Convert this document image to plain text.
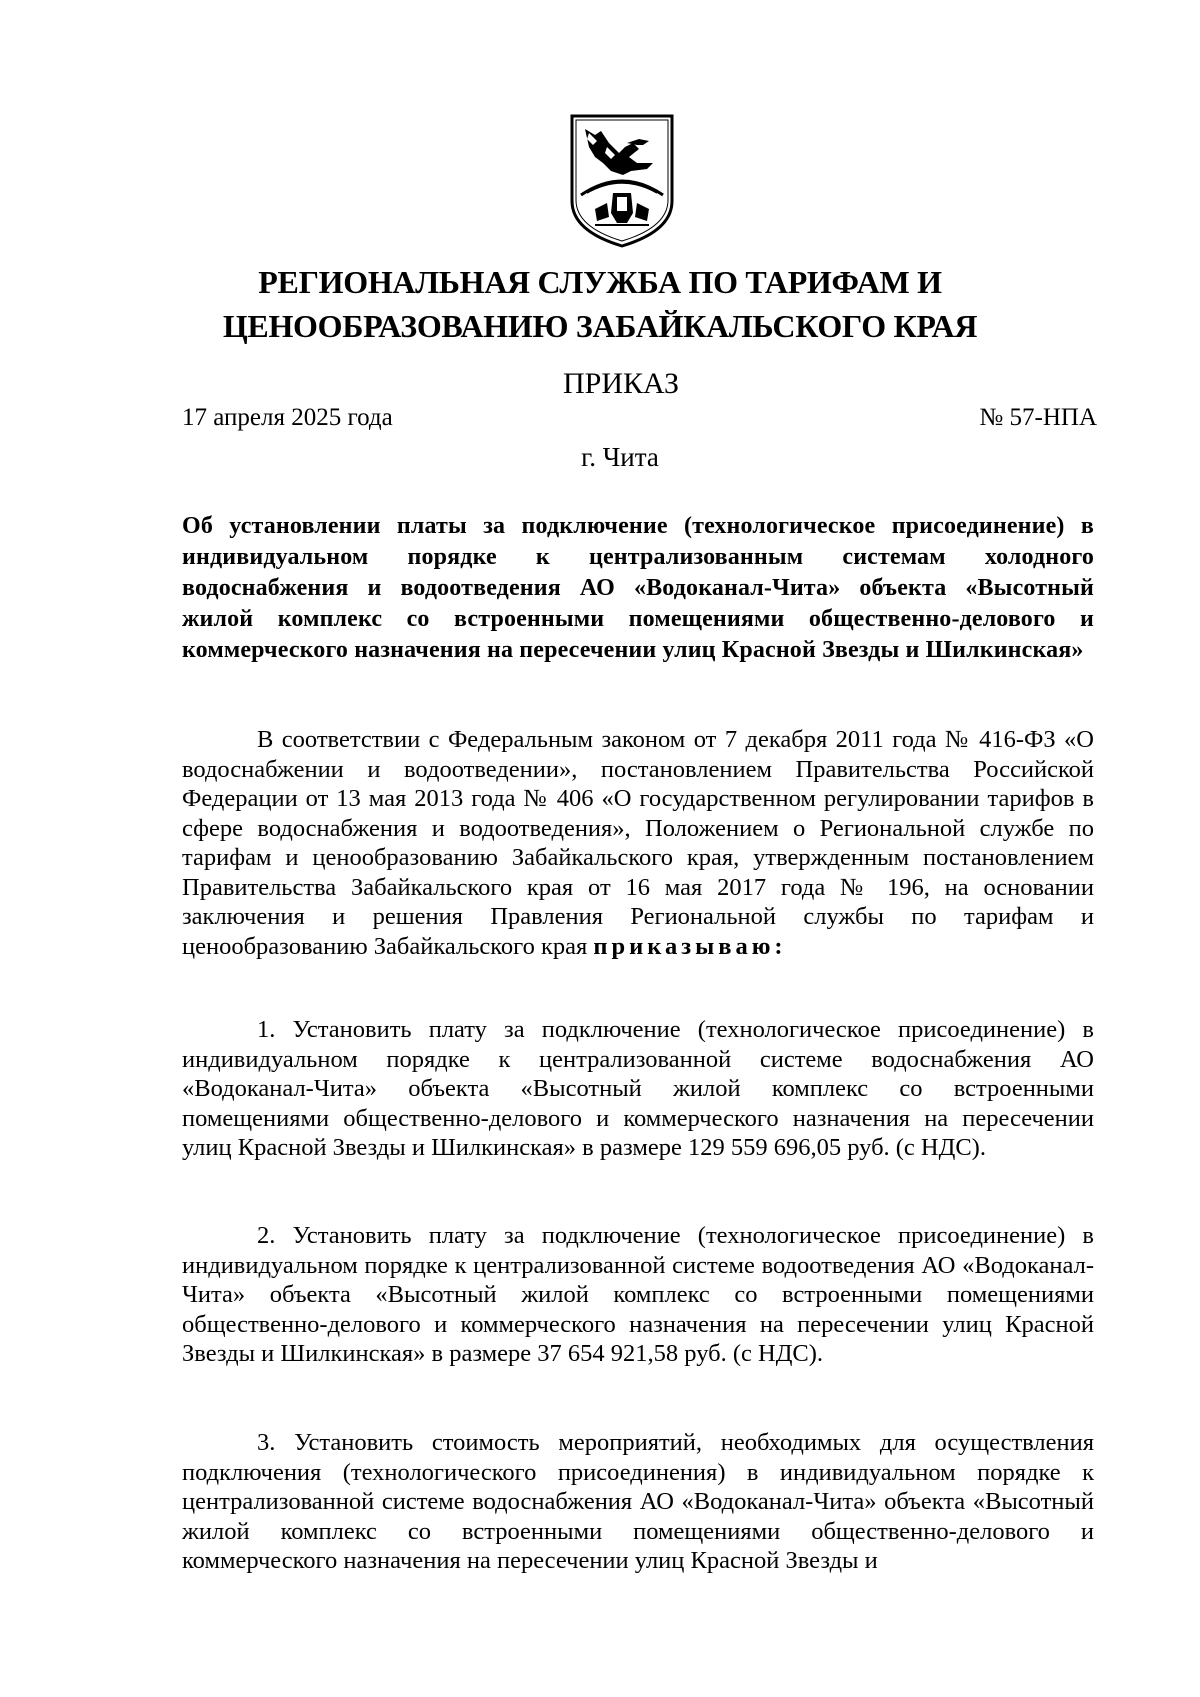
РЕГИОНАЛЬНАЯ СЛУЖБА ПО ТАРИФАМ И
ЦЕНООБРАЗОВАНИЮ ЗАБАЙКАЛЬСКОГО КРАЯ
ПРИКАЗ
17 апреля 2025 года	№ 57-НПА
г. Чита
Об установлении платы за подключение (технологическое присоединение) в индивидуальном порядке к централизованным системам холодного водоснабжения и водоотведения АО «Водоканал-Чита» объекта «Высотный жилой комплекс со встроенными помещениями общественно-делового и коммерческого назначения на пересечении улиц Красной Звезды и Шилкинская»

В соответствии с Федеральным законом от 7 декабря 2011 года № 416-ФЗ «О водоснабжении и водоотведении», постановлением Правительства Российской Федерации от 13 мая 2013 года № 406 «О государственном регулировании тарифов в сфере водоснабжения и водоотведения», Положением о Региональной службе по тарифам и ценообразованию Забайкальского края, утвержденным постановлением Правительства Забайкальского края от 16 мая 2017 года № 196, на основании заключения и решения Правления Региональной службы по тарифам и ценообразованию Забайкальского края приказываю:

1. Установить плату за подключение (технологическое присоединение) в индивидуальном порядке к централизованной системе водоснабжения АО «Водоканал-Чита» объекта «Высотный жилой комплекс со встроенными помещениями общественно-делового и коммерческого назначения на пересечении улиц Красной Звезды и Шилкинская» в размере 129 559 696,05 руб. (с НДС).

2. Установить плату за подключение (технологическое присоединение) в индивидуальном порядке к централизованной системе водоотведения АО «Водоканал-Чита» объекта «Высотный жилой комплекс со встроенными помещениями общественно-делового и коммерческого назначения на пересечении улиц Красной Звезды и Шилкинская» в размере 37 654 921,58 руб. (с НДС).

3. Установить стоимость мероприятий, необходимых для осуществления подключения (технологического присоединения) в индивидуальном порядке к централизованной системе водоснабжения АО «Водоканал-Чита» объекта «Высотный жилой комплекс со встроенными помещениями общественно-делового и коммерческого назначения на пересечении улиц Красной Звезды и
